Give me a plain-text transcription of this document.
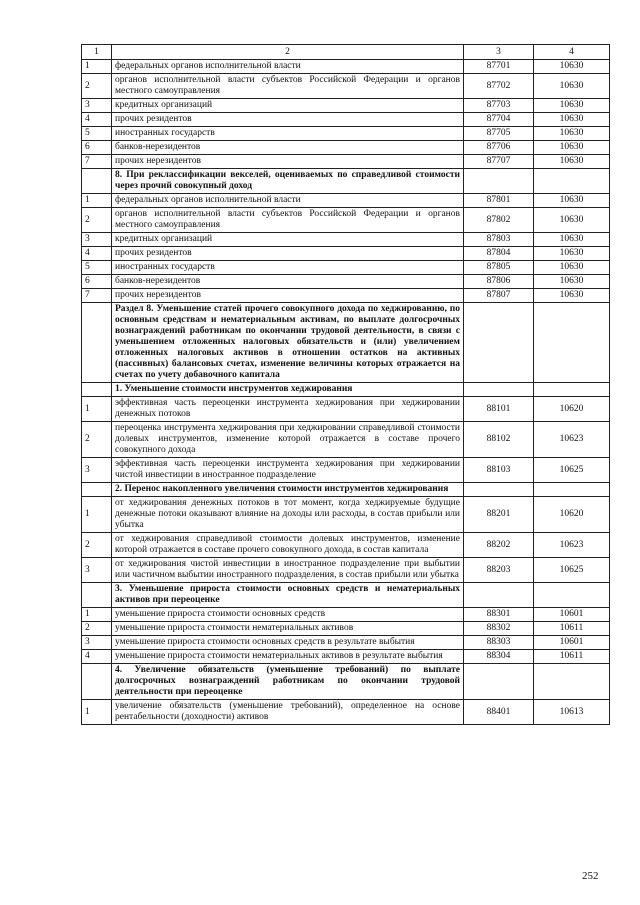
1	2	3	4
1	федеральных органов исполнительной власти	87701	10630
2	органов исполнительной власти субъектов Российской Федерации и органов местного самоуправления	87702	10630
3	кредитных организаций	87703	10630
4	прочих резидентов	87704	10630
5	иностранных государств	87705	10630
6	банков-нерезидентов	87706	10630
7	прочих нерезидентов	87707	10630
	8. При реклассификации векселей, оцениваемых по справедливой стоимости через прочий совокупный доход		
1	федеральных органов исполнительной власти	87801	10630
2	органов исполнительной власти субъектов Российской Федерации и органов местного самоуправления	87802	10630
3	кредитных организаций	87803	10630
4	прочих резидентов	87804	10630
5	иностранных государств	87805	10630
6	банков-нерезидентов	87806	10630
7	прочих нерезидентов	87807	10630
	Раздел 8. Уменьшение статей прочего совокупного дохода по хеджированию, по основным средствам и нематериальным активам, по выплате долгосрочных вознаграждений работникам по окончании трудовой деятельности, в связи с уменьшением отложенных налоговых обязательств и (или) увеличением отложенных налоговых активов в отношении остатков на активных (пассивных) балансовых счетах, изменение величины которых отражается на счетах по учету добавочного капитала		
	1. Уменьшение стоимости инструментов хеджирования		
1	эффективная часть переоценки инструмента хеджирования при хеджировании денежных потоков	88101	10620
2	переоценка инструмента хеджирования при хеджировании справедливой стоимости долевых инструментов, изменение которой отражается в составе прочего совокупного дохода	88102	10623
3	эффективная часть переоценки инструмента хеджирования при хеджировании чистой инвестиции в иностранное подразделение	88103	10625
	2. Перенос накопленного увеличения стоимости инструментов хеджирования		
1	от хеджирования денежных потоков в тот момент, когда хеджируемые будущие денежные потоки оказывают влияние на доходы или расходы, в состав прибыли или убытка	88201	10620
2	от хеджирования справедливой стоимости долевых инструментов, изменение которой отражается в составе прочего совокупного дохода, в состав капитала	88202	10623
3	от хеджирования чистой инвестиции в иностранное подразделение при выбытии или частичном выбытии иностранного подразделения, в состав прибыли или убытка	88203	10625
	3. Уменьшение прироста стоимости основных средств и нематериальных активов при переоценке		
1	уменьшение прироста стоимости основных средств	88301	10601
2	уменьшение прироста стоимости нематериальных активов	88302	10611
3	уменьшение прироста стоимости основных средств в результате выбытия	88303	10601
4	уменьшение прироста стоимости нематериальных активов в результате выбытия	88304	10611
	4. Увеличение обязательств (уменьшение требований) по выплате долгосрочных вознаграждений работникам по окончании трудовой деятельности при переоценке		
1	увеличение обязательств (уменьшение требований), определенное на основе рентабельности (доходности) активов	88401	10613
252
